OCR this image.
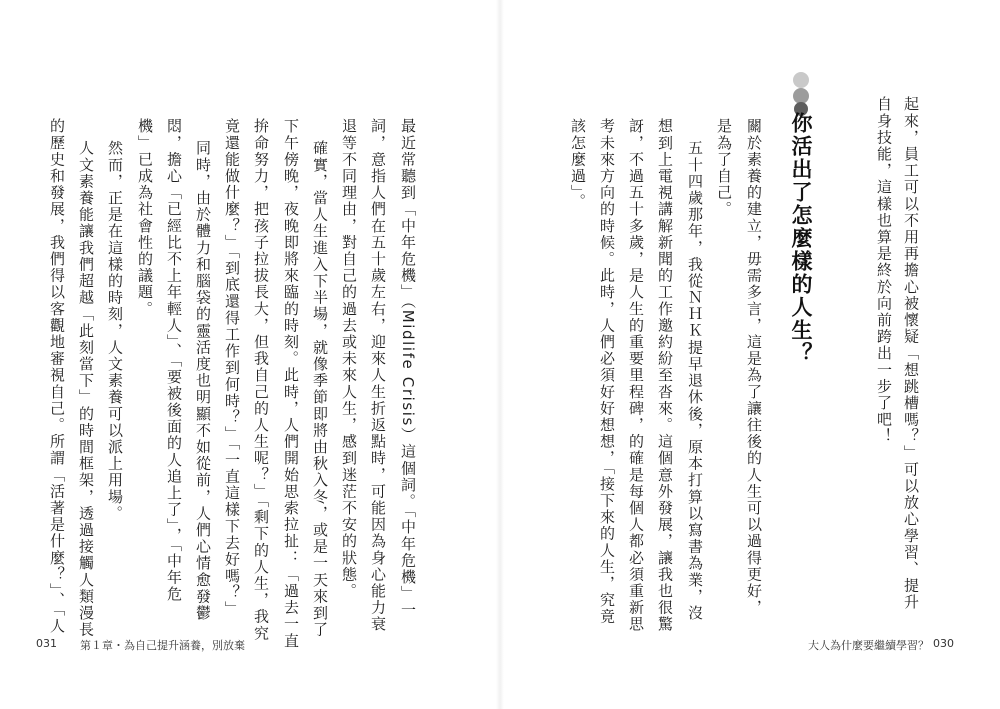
起來，員工可以不用再擔心被懷疑「想跳槽嗎？」可以放心學習、提升
自身技能，這樣也算是終於向前跨出一步了吧！
你活出了怎麼樣的人生？
關於素養的建立，毋需多言，這是為了讓往後的人生可以過得更好，
是為了自己。
五十四歲那年，我從ＮＨＫ提早退休後，原本打算以寫書為業，沒
想到上電視講解新聞的工作邀約紛至沓來。這個意外發展，讓我也很驚
訝，不過五十多歲，是人生的重要里程碑，的確是每個人都必須重新思
考未來方向的時候。此時，人們必須好好想想，「接下來的人生，究竟
該怎麼過」。
最近常聽到「中年危機」（Midlife Crisis）這個詞。「中年危機」一
詞，意指人們在五十歲左右，迎來人生折返點時，可能因為身心能力衰
退等不同理由，對自己的過去或未來人生，感到迷茫不安的狀態。
確實，當人生進入下半場，就像季節即將由秋入冬，或是一天來到了
下午傍晚，夜晚即將來臨的時刻。此時，人們開始思索拉扯：「過去一直
拚命努力，把孩子拉拔長大，但我自己的人生呢？」「剩下的人生，我究
竟還能做什麼？」「到底還得工作到何時？」「一直這樣下去好嗎？」
同時，由於體力和腦袋的靈活度也明顯不如從前，人們心情愈發鬱
悶，擔心「已經比不上年輕人」、「要被後面的人追上了」，「中年危
機」已成為社會性的議題。
然而，正是在這樣的時刻，人文素養可以派上用場。
人文素養能讓我們超越「此刻當下」的時間框架，透過接觸人類漫長
的歷史和發展，我們得以客觀地審視自己。所謂「活著是什麼？」、「人
031 第１章・為自己提升涵養，別放棄	大人為什麼要繼續學習？ 030
